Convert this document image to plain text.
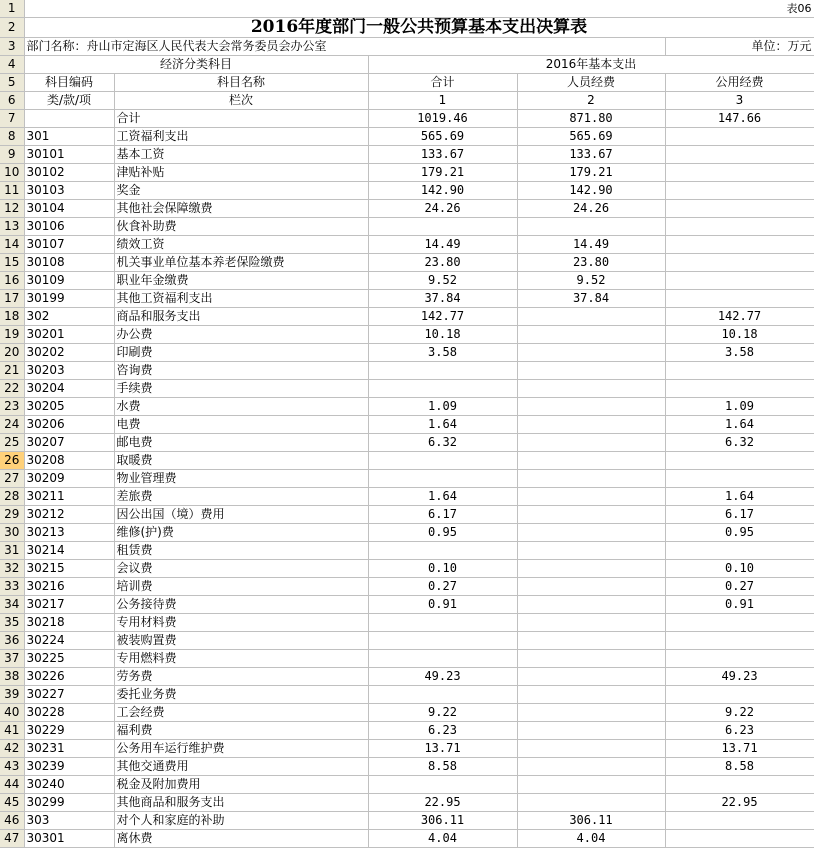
1	表06				
2	2016年度部门一般公共预算基本支出决算表				
3	部门名称：舟山市定海区人民代表大会常务委员会办公室				单位：万元
4	经济分类科目		2016年基本支出		
5	科目编码	科目名称	合计	人员经费	公用经费
6	类/款/项	栏次	1	2	3
7		合计	1019.46	871.80	147.66
8	301	工资福利支出	565.69	565.69	
9	30101	基本工资	133.67	133.67	
10	30102	津贴补贴	179.21	179.21	
11	30103	奖金	142.90	142.90	
12	30104	其他社会保障缴费	24.26	24.26	
13	30106	伙食补助费			
14	30107	绩效工资	14.49	14.49	
15	30108	机关事业单位基本养老保险缴费	23.80	23.80	
16	30109	职业年金缴费	9.52	9.52	
17	30199	其他工资福利支出	37.84	37.84	
18	302	商品和服务支出	142.77		142.77
19	30201	办公费	10.18		10.18
20	30202	印刷费	3.58		3.58
21	30203	咨询费			
22	30204	手续费			
23	30205	水费	1.09		1.09
24	30206	电费	1.64		1.64
25	30207	邮电费	6.32		6.32
26	30208	取暖费			
27	30209	物业管理费			
28	30211	差旅费	1.64		1.64
29	30212	因公出国（境）费用	6.17		6.17
30	30213	维修(护)费	0.95		0.95
31	30214	租赁费			
32	30215	会议费	0.10		0.10
33	30216	培训费	0.27		0.27
34	30217	公务接待费	0.91		0.91
35	30218	专用材料费			
36	30224	被装购置费			
37	30225	专用燃料费			
38	30226	劳务费	49.23		49.23
39	30227	委托业务费			
40	30228	工会经费	9.22		9.22
41	30229	福利费	6.23		6.23
42	30231	公务用车运行维护费	13.71		13.71
43	30239	其他交通费用	8.58		8.58
44	30240	税金及附加费用			
45	30299	其他商品和服务支出	22.95		22.95
46	303	对个人和家庭的补助	306.11	306.11	
47	30301	离休费	4.04	4.04	
